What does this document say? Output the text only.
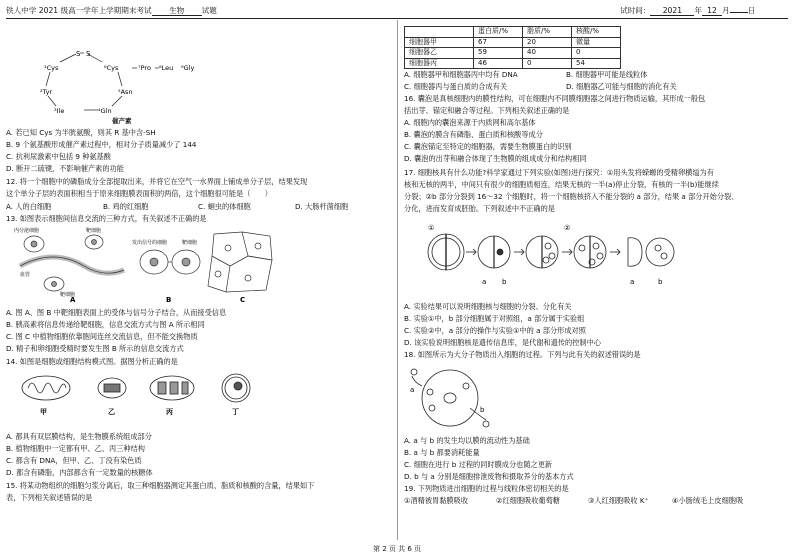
铁人中学 2021 级高一学年上学期期末考试 生物 试题	试时间： 2021 年 12 月 日
S S
¹Cys	⁶Cys	⁷Pro ⁸Leu ⁹Gly
²Tyr	⁵Asn
³Ile	⁴Gln
催产素
A. 若已知 Cys 为半胱氨酸，则其 R 基中含-SH
B. 9 个氨基酸形成催产素过程中，相对分子质量减少了 144
C. 抗利尿激素中包括 9 种氨基酸
D. 断开二硫键，不影响催产素的功能
12. 将一个细胞中的磷脂成分全部提取出来，并将它在空气一水界面上铺成单分子层，结果发现
这个单分子层的表面积相当于原来细胞膜表面积的两倍，这个细胞很可能是（　　）
A. 人的白细胞	B. 鸡的红细胞	C. 蛔虫的体细胞	D. 大肠杆菌细胞
13. 如图表示细胞间信息交流的三种方式，有关叙述不正确的是
内分泌细胞	靶细胞
血管
靶细胞
发出信号的细胞	靶细胞
A	B	C
A. 图 A、图 B 中靶细胞表面上的受体与信号分子结合，从而接受信息
B. 胰高素将信息传递给靶细胞，信息交流方式与图 A 所示相同
C. 图 C 中植物细胞依靠胞间连丝交流信息，但不能交换物质
D. 精子和卵细胞受精时要发生图 B 所示的信息交流方式
14. 如图是细胞或细胞结构模式图。据图分析正确的是
甲	乙	丙	丁
A. 都具有双层膜结构，是生物膜系统组成部分
B. 植物细胞中一定都有甲、乙、丙三种结构
C. 都含有 DNA，但甲、乙、丁没有染色质
D. 都含有磷脂，内部都含有一定数量的核糖体
15. 将某动物组织的细胞匀浆分离后，取三种细胞器测定其蛋白质、脂质和核酸的含量，结果如下
表，下列相关叙述错误的是
	蛋白质/%	脂质/%	核酸/%
细胞器甲	67	20	微量
细胞器乙	59	40	0
细胞器丙	46	0	54
A. 细胞器甲和细胞器丙中均有 DNA	B. 细胞器甲可能是线粒体
C. 细胞器丙与蛋白质的合成有关	D. 细胞器乙可能与细胞的消化有关
16. 囊泡是真核细胞内的膜性结构，可在细胞内不同膜细胞器之间进行物质运输，其形成一般包
括出芽、锚定和融合等过程。下列相关叙述正确的是
A. 细胞内的囊泡来源于内质网和高尔基体
B. 囊泡的膜含有磷脂、蛋白质和核酸等成分
C. 囊泡锚定至特定的细胞器，需要生物膜蛋白的识别
D. 囊泡的出芽和融合体现了生物膜的组成成分和结构相同
17. 细胞核具有什么功能?科学家通过下列实验(如图)进行探究：①用头发将蝾螈的受精卵横缢为有
核和无核的两半，中间只有很少的细胞质相连，结果无核的一半(a)停止分裂，有核的一半(b)能继续
分裂；②b 部分分裂到 16～32 个细胞时，将一个细胞核挤入不能分裂的 a 部分，结果 a 部分开始分裂、
分化，进而发育成胚胎。下列叙述中不正确的是
①
a b
②
a	b
A. 实验结果可以说明细胞核与细胞的分裂、分化有关
B. 实验①中，b 部分细胞属于对照组，a 部分属于实验组
C. 实验②中，a 部分的操作与实验①中的 a 部分形成对照
D. 该实验说明细胞核是遗传信息库，是代谢和遗传的控制中心
18. 如图所示为大分子物质出入细胞的过程。下列与此有关的叙述错误的是
a
b
A. a 与 b 的发生均以膜的流动性为基础
B. a 与 b 都要消耗能量
C. 细胞在进行 b 过程的同时膜成分也随之更新
D. b 与 a 分别是细胞排泄废物和摄取养分的基本方式
19. 下列物质进出细胞的过程与线粒体密切相关的是
①酒精被胃黏膜吸收	②红细胞吸收葡萄糖	③人红细胞吸收 K⁺	④小肠绒毛上皮细胞吸
第 2 页 共 6 页
